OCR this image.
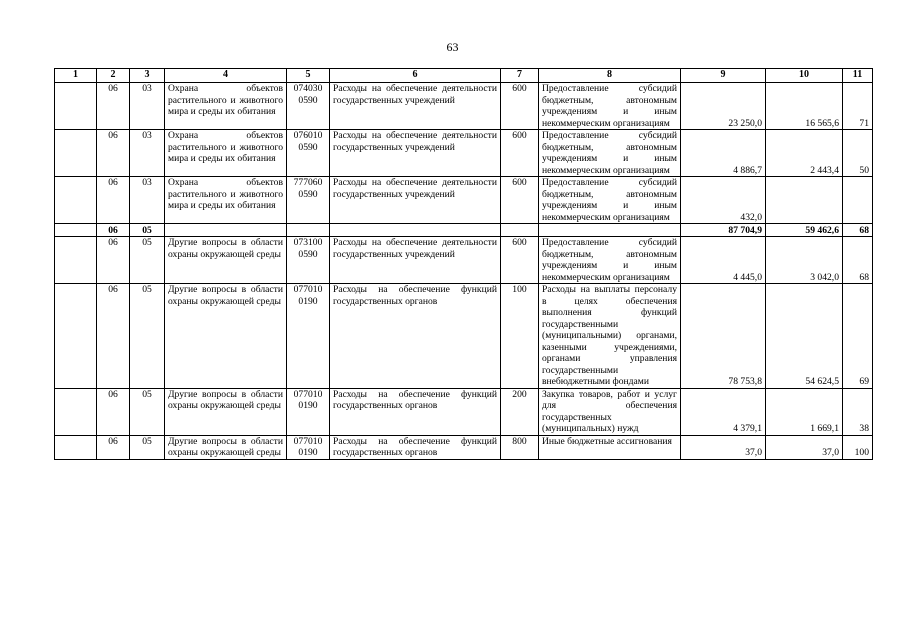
63
1	2	3	4	5	6	7	8	9	10	11
	06	03	Охрана объектов растительного и животного мира и среды их обитания	074030 0590	Расходы на обеспечение деятельности государственных учреждений	600	Предоставление субсидий бюджетным, автономным учреждениям и иным некоммерческим организациям	23 250,0	16 565,6	71
	06	03	Охрана объектов растительного и животного мира и среды их обитания	076010 0590	Расходы на обеспечение деятельности государственных учреждений	600	Предоставление субсидий бюджетным, автономным учреждениям и иным некоммерческим организациям	4 886,7	2 443,4	50
	06	03	Охрана объектов растительного и животного мира и среды их обитания	777060 0590	Расходы на обеспечение деятельности государственных учреждений	600	Предоставление субсидий бюджетным, автономным учреждениям и иным некоммерческим организациям	432,0		
	06	05						87 704,9	59 462,6	68
	06	05	Другие вопросы в области охраны окружающей среды	073100 0590	Расходы на обеспечение деятельности государственных учреждений	600	Предоставление субсидий бюджетным, автономным учреждениям и иным некоммерческим организациям	4 445,0	3 042,0	68
	06	05	Другие вопросы в области охраны окружающей среды	077010 0190	Расходы на обеспечение функций государственных органов	100	Расходы на выплаты персоналу в целях обеспечения выполнения функций государственными (муниципальными) органами, казенными учреждениями, органами управления государственными внебюджетными фондами	78 753,8	54 624,5	69
	06	05	Другие вопросы в области охраны окружающей среды	077010 0190	Расходы на обеспечение функций государственных органов	200	Закупка товаров, работ и услуг для обеспечения государственных (муниципальных) нужд	4 379,1	1 669,1	38
	06	05	Другие вопросы в области охраны окружающей среды	077010 0190	Расходы на обеспечение функций государственных органов	800	Иные бюджетные ассигнования	37,0	37,0	100
